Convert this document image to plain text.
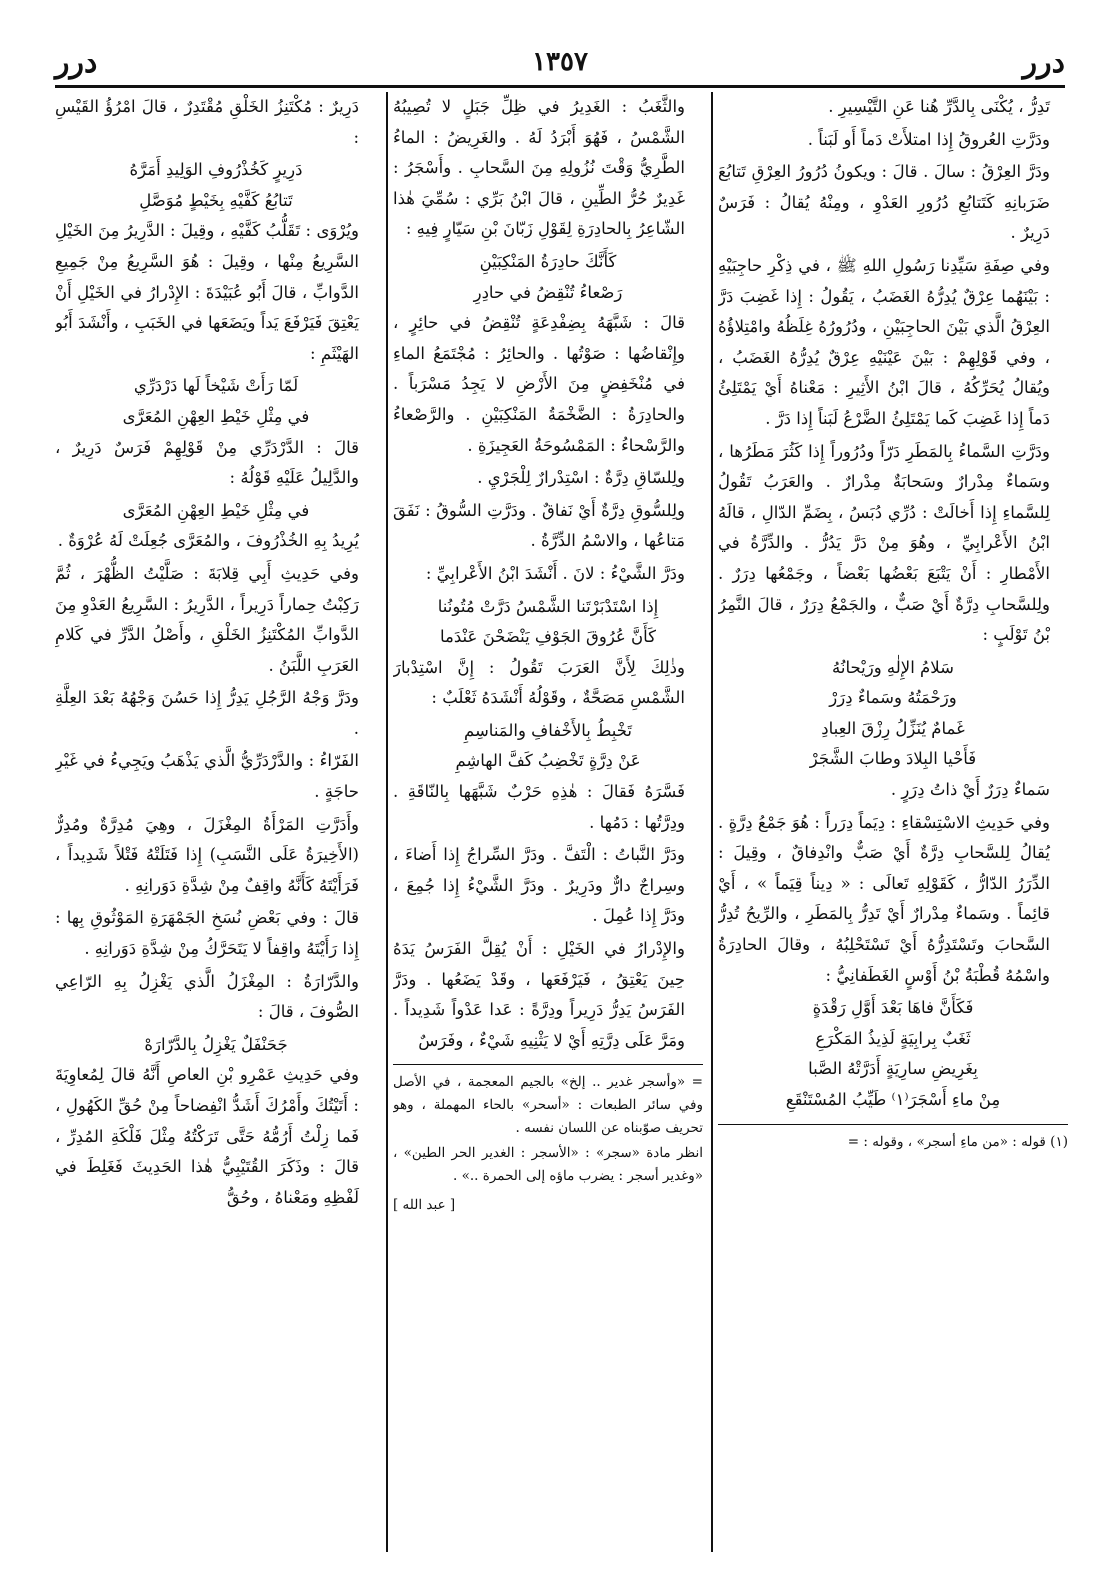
درر
١٣٥٧
درر

تَدِرُّ ، يُكْنَى بِالدَّرِّ هُنا عَنِ التَّيْسِيرِ .

ودَرَّتِ العُروقُ إِذا امتلأَتْ دَماً أَو لَبَناً .

ودَرَّ العِرْقُ : سالَ . قالَ : ويكونُ دُرُورُ العِرْقِ تَتابُعَ ضَرَبانِهِ كَتَتابُعِ دُرُورِ العَدْوِ ، ومِنْهُ يُقالُ : فَرَسٌ دَرِيرٌ .

وفي صِفَةِ سَيِّدِنا رَسُولِ اللهِ ﷺ ، في ذِكْرِ حاجِبَيْهِ : بَيْنَهُما عِرْقٌ يُدِرُّهُ الغَضَبُ ، يَقُولُ : إِذا غَضِبَ دَرَّ العِرْقُ الَّذي بَيْنَ الحاجِبَيْنِ ، ودُرُورُهُ غِلَظُهُ وامْتِلاؤُهُ ، وفي قَوْلِهِمْ : بَيْنَ عَيْنَيْهِ عِرْقٌ يُدِرُّهُ الغَضَبُ ، ويُقالُ يُحَرِّكُهُ ، قالَ ابْنُ الأَثِيرِ : مَعْناهُ أَيْ يَمْتَلِئُ دَماً إِذا غَضِبَ كَما يَمْتَلِئُ الضَّرْعُ لَبَناً إِذا دَرَّ .

ودَرَّتِ السَّماءُ بِالمَطَرِ دَرّاً ودُرُوراً إِذا كَثُرَ مَطَرُها ، وسَماءٌ مِدْرارٌ وسَحابَةٌ مِدْرارٌ . والعَرَبُ تَقُولُ لِلسَّماءِ إِذا أَخالَتْ : دُرِّي دُبَسُ ، بِضَمِّ الدّالِ ، قالَهُ ابْنُ الأَعْرابِيِّ ، وهُوَ مِنْ دَرَّ يَدُرُّ . والدِّرَّةُ في الأَمْطارِ : أَنْ يَتْبَعَ بَعْضُها بَعْضاً ، وجَمْعُها دِرَرٌ . ولِلسَّحابِ دِرَّةٌ أَيْ صَبٌّ ، والجَمْعُ دِرَرٌ ، قالَ النَّمِرُ بْنُ تَوْلَبٍ :

سَلامُ الإِلٰهِ ورَيْحانُهُ

ورَحْمَتُهُ وسَماءٌ دِرَرْ

غَمامٌ يُنَزِّلُ رِزْقَ العِبادِ

فَأَحْيا البِلادَ وطابَ الشَّجَرْ

سَماءٌ دِرَرٌ أَيْ ذاتُ دِرَرٍ .

وفي حَدِيثِ الاسْتِسْقاءِ : دِيَماً دِرَراً : هُوَ جَمْعُ دِرَّةٍ . يُقالُ لِلسَّحابِ دِرَّةٌ أَيْ صَبٌّ وانْدِفاقٌ ، وقِيلَ : الدِّرَرُ الدّارُّ ، كَقَوْلِهِ تَعالَى : « دِيناً قِيَماً » ، أَيْ قائِماً . وسَماءٌ مِدْرارٌ أَيْ تَدِرُّ بِالمَطَرِ ، والرِّيحُ تُدِرُّ السَّحابَ وتَسْتَدِرُّهُ أَيْ تَسْتَحْلِبُهُ ، وقالَ الحادِرَةُ واسْمُهُ قُطْبَةُ بْنُ أَوْسٍ الغَطَفانِيُّ :

فَكَأَنَّ فاهَا بَعْدَ أَوَّلِ رَقْدَةٍ

ثَغَبٌ بِرابِيَةٍ لَذِيذُ المَكْرَعِ

بِغَرِيضِ سارِيَةٍ أَدَرَّتْهُ الصَّبا

مِنْ ماءِ أَسْجَرَ⁽١⁾ طَيِّبُ المُسْتَنْقَعِ

(١) قوله : «من ماءِ أسجر» ، وقوله : =

والثَّغَبُ : الغَدِيرُ في ظِلِّ جَبَلٍ لا تُصِيبُهُ الشَّمْسُ ، فَهُوَ أَبْرَدُ لَهُ . والغَرِيضُ : الماءُ الطَّرِيُّ وَقْتَ نُزُولِهِ مِنَ السَّحابِ . وأَسْجَرُ : غَدِيرٌ حُرُّ الطِّينِ ، قالَ ابْنُ بَرِّي : سُمِّيَ هٰذا الشّاعِرُ بِالحادِرَةِ لِقَوْلِ زَبّانَ بْنِ سَيّارٍ فِيهِ :

كَأَنَّكَ حادِرَةُ المَنْكِبَيْنِ

رَصْعاءُ تُنْقِضُ في حادِرِ

قالَ : شَبَّهَهُ بِضِفْدِعَةٍ تُنْقِضُ في حائِرٍ ، وإِنْقاضُها : صَوْتُها . والحائِرُ : مُجْتَمَعُ الماءِ في مُنْخَفِضٍ مِنَ الأَرْضِ لا يَجِدُ مَسْرَباً . والحادِرَةُ : الضَّخْمَةُ المَنْكِبَيْنِ . والرَّصْعاءُ والرَّسْحاءُ : المَمْسُوحَةُ العَجِيزَةِ .

ولِلسّاقِ دِرَّةٌ : اسْتِدْرارٌ لِلْجَرْيِ .

ولِلسُّوقِ دِرَّةٌ أَيْ نَفاقٌ . ودَرَّتِ السُّوقُ : نَفَقَ مَتاعُها ، والاسْمُ الدِّرَّةُ .

ودَرَّ الشَّيْءُ : لانَ . أَنْشَدَ ابْنُ الأَعْرابِيِّ :

إِذا اسْتَدْبَرْتَنا الشَّمْسُ دَرَّتْ مُتُونُنا

كَأَنَّ عُرُوقَ الجَوْفِ يَنْضَحْنَ عَنْدَما

وذٰلِكَ لِأَنَّ العَرَبَ تَقُولُ : إِنَّ اسْتِدْبارَ الشَّمْسِ مَصَحَّةٌ ، وقَوْلُهُ أَنْشَدَهُ ثَعْلَبٌ :

تَخْبِطُ بِالأَخْفافِ والمَناسِمِ

عَنْ دِرَّةٍ تَخْضِبُ كَفَّ الهاشِمِ

فَسَّرَهُ فَقالَ : هٰذِهِ حَرْبٌ شَبَّهَها بِالنّاقَةِ . ودِرَّتُها : دَمُها .

ودَرَّ النَّباتُ : الْتَفَّ . ودَرَّ السِّراجُ إِذا أَضاءَ ، وسِراجٌ دارٌّ ودَرِيرٌ . ودَرَّ الشَّيْءُ إِذا جُمِعَ ، ودَرَّ إِذا عُمِلَ .

والإِدْرارُ في الخَيْلِ : أَنْ يُقِلَّ الفَرَسُ يَدَهُ حِينَ يَعْتِقُ ، فَيَرْفَعَها ، وقَدْ يَضَعُها . ودَرَّ الفَرَسُ يَدِرُّ دَرِيراً ودِرَّةً : عَدا عَدْواً شَدِيداً . ومَرَّ عَلَى دِرَّتِهِ أَيْ لا يَثْنِيهِ شَيْءٌ ، وفَرَسٌ

= «وأسجر غدير .. إلخ» بالجيم المعجمة ، في الأصل وفي سائر الطبعات : «أسحر» بالحاء المهملة ، وهو تحريف صوّبناه عن اللسان نفسه .

انظر مادة «سجر» : «الأسجر : الغدير الحر الطين» ، «وغدير أسجر : يضرب ماؤه إلى الحمرة ..» .

[ عبد الله ]

دَرِيرٌ : مُكْتَنِزُ الخَلْقِ مُقْتَدِرٌ ، قالَ امْرُؤُ القَيْسِ :

دَرِيرٍ كَخُذْرُوفِ الوَلِيدِ أَمَرَّهُ

تَتابُعُ كَفَّيْهِ بِخَيْطٍ مُوَصَّلِ

ويُرْوَى : تَقَلُّبُ كَفَّيْهِ ، وقِيلَ : الدَّرِيرُ مِنَ الخَيْلِ السَّرِيعُ مِنْها ، وقِيلَ : هُوَ السَّرِيعُ مِنْ جَمِيعِ الدَّوابِّ ، قالَ أَبُو عُبَيْدَةَ : الإِدْرارُ في الخَيْلِ أَنْ يَعْتِقَ فَيَرْفَعَ يَداً ويَضَعَها في الخَبَبِ ، وأَنْشَدَ أَبُو الهَيْثَمِ :

لَمّا رَأَتْ شَيْخاً لَها دَرْدَرِّي

في مِثْلِ خَيْطِ العِهْنِ المُعَرَّى

قالَ : الدَّرْدَرِّي مِنْ قَوْلِهِمْ فَرَسٌ دَرِيرٌ ، والدَّلِيلُ عَلَيْهِ قَوْلُهُ :

في مِثْلِ خَيْطِ العِهْنِ المُعَرَّى

يُرِيدُ بِهِ الخُذْرُوفَ ، والمُعَرَّى جُعِلَتْ لَهُ عُرْوَةٌ .

وفي حَدِيثِ أَبِي قِلابَةَ : صَلَّيْتُ الظُّهْرَ ، ثُمَّ رَكِبْتُ حِماراً دَرِيراً ، الدَّرِيرُ : السَّرِيعُ العَدْوِ مِنَ الدَّوابِّ المُكْتَنِزُ الخَلْقِ ، وأَصْلُ الدَّرِّ في كَلامِ العَرَبِ اللَّبَنُ .

ودَرَّ وَجْهُ الرَّجُلِ يَدِرُّ إِذا حَسُنَ وَجْهُهُ بَعْدَ العِلَّةِ .

الفَرّاءُ : والدَّرْدَرِّيُّ الَّذي يَذْهَبُ ويَجِيءُ في غَيْرِ حاجَةٍ .

وأَدَرَّتِ المَرْأَةُ المِغْزَلَ ، وهِيَ مُدِرَّةٌ ومُدِرٌّ (الأَخِيرَةُ عَلَى النَّسَبِ) إِذا فَتَلَتْهُ فَتْلاً شَدِيداً ، فَرَأَيْتَهُ كَأَنَّهُ واقِفٌ مِنْ شِدَّةِ دَوَرانِهِ .

قالَ : وفي بَعْضِ نُسَخِ الجَمْهَرَةِ المَوْثُوقِ بِها : إِذا رَأَيْتَهُ واقِفاً لا يَتَحَرَّكُ مِنْ شِدَّةِ دَوَرانِهِ .

والدَّرّارَةُ : المِغْزَلُ الَّذي يَغْزِلُ بِهِ الرّاعِي الصُّوفَ ، قالَ :

جَحَنْفَلٌ يَغْزِلُ بِالدَّرّارَهْ

وفي حَدِيثِ عَمْرِو بْنِ العاصِ أَنَّهُ قالَ لِمُعاوِيَةَ : أَتَيْتُكَ وأَمْرُكَ أَشَدُّ انْفِضاحاً مِنْ حُقِّ الكَهُولِ ، فَما زِلْتُ أَرُمُّهُ حَتَّى تَرَكْتُهُ مِثْلَ فَلْكَةِ المُدِرِّ ، قالَ : وذَكَرَ القُتَيْبِيُّ هٰذا الحَدِيثَ فَغَلِطَ في لَفْظِهِ ومَعْناهُ ، وحُقُّ
